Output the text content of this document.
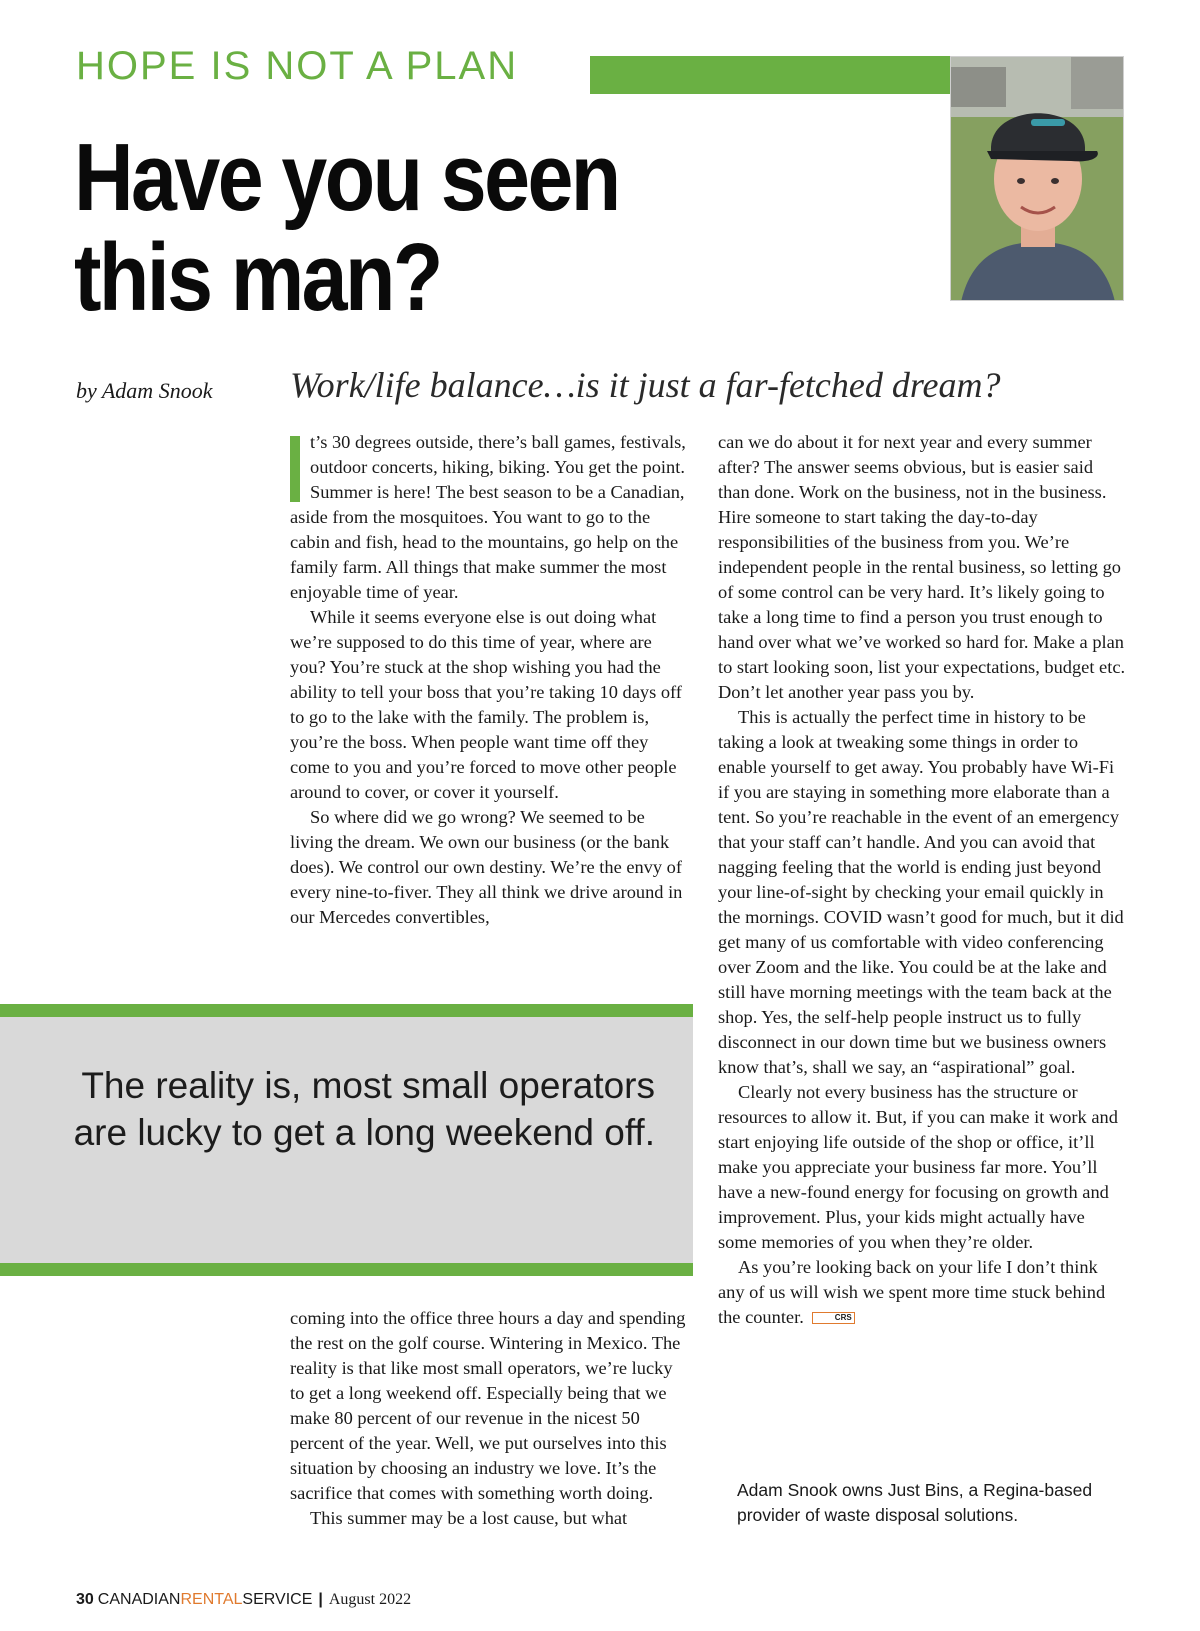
HOPE IS NOT A PLAN
Have you seen
this man?
by Adam Snook Work/life balance…is it just a far-fetched dream?

t’s 30 degrees outside, there’s ball games, festivals, outdoor concerts, hiking, biking. You get the point. Summer is here! The best season to be a Canadian, aside from the mosquitoes. You want to go to the cabin and fish, head to the mountains, go help on the family farm. All things that make summer the most enjoyable time of year.

While it seems everyone else is out doing what we’re supposed to do this time of year, where are you? You’re stuck at the shop wishing you had the ability to tell your boss that you’re taking 10 days off to go to the lake with the family. The problem is, you’re the boss. When people want time off they come to you and you’re forced to move other people around to cover, or cover it yourself.

So where did we go wrong? We seemed to be living the dream. We own our business (or the bank does). We control our own destiny. We’re the envy of every nine-to-fiver. They all think we drive around in our Mercedes convertibles,

The reality is, most small operators are lucky to get a long weekend off.

coming into the office three hours a day and spending the rest on the golf course. Wintering in Mexico. The reality is that like most small operators, we’re lucky to get a long weekend off. Especially being that we make 80 percent of our revenue in the nicest 50 percent of the year. Well, we put ourselves into this situation by choosing an industry we love. It’s the sacrifice that comes with something worth doing.

This summer may be a lost cause, but what

can we do about it for next year and every summer after? The answer seems obvious, but is easier said than done. Work on the business, not in the business. Hire someone to start taking the day-to-day responsibilities of the business from you. We’re independent people in the rental business, so letting go of some control can be very hard. It’s likely going to take a long time to find a person you trust enough to hand over what we’ve worked so hard for. Make a plan to start looking soon, list your expectations, budget etc. Don’t let another year pass you by.

This is actually the perfect time in history to be taking a look at tweaking some things in order to enable yourself to get away. You probably have Wi-Fi if you are staying in something more elaborate than a tent. So you’re reachable in the event of an emergency that your staff can’t handle. And you can avoid that nagging feeling that the world is ending just beyond your line-of-sight by checking your email quickly in the mornings. COVID wasn’t good for much, but it did get many of us comfortable with video conferencing over Zoom and the like. You could be at the lake and still have morning meetings with the team back at the shop. Yes, the self-help people instruct us to fully disconnect in our down time but we business owners know that’s, shall we say, an “aspirational” goal.

Clearly not every business has the structure or resources to allow it. But, if you can make it work and start enjoying life outside of the shop or office, it’ll make you appreciate your business far more. You’ll have a new-found energy for focusing on growth and improvement. Plus, your kids might actually have some memories of you when they’re older.

As you’re looking back on your life I don’t think any of us will wish we spent more time stuck behind the counter.	CRS

Adam Snook owns Just Bins, a Regina-based provider of waste disposal solutions.
30 CANADIANRENTALSERVICE | August 2022
